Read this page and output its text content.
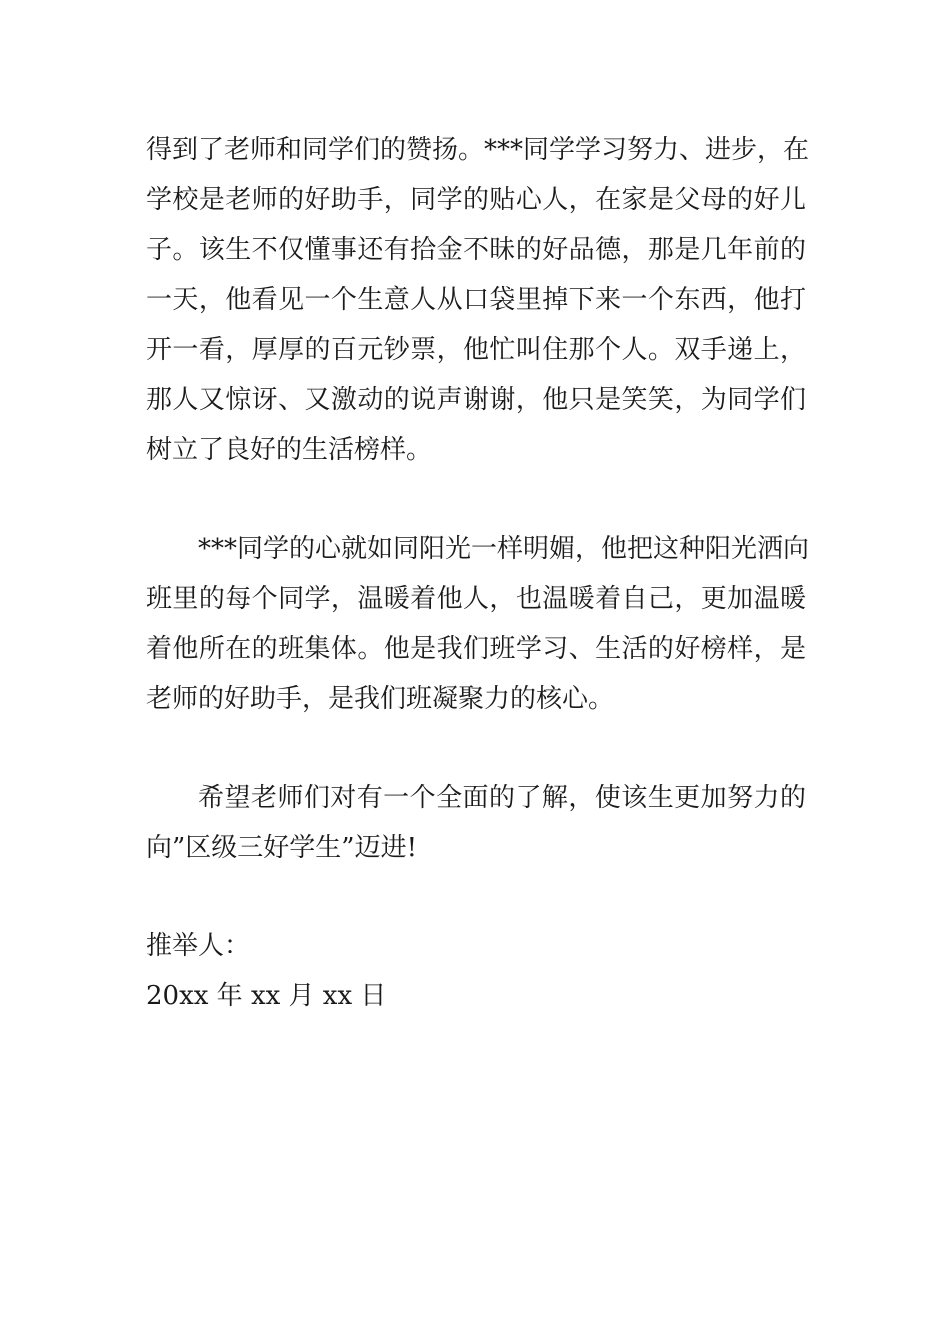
得到了老师和同学们的赞扬。***同学学习努力、进步，在
学校是老师的好助手，同学的贴心人，在家是父母的好儿
子。该生不仅懂事还有拾金不昧的好品德，那是几年前的
一天，他看见一个生意人从口袋里掉下来一个东西，他打
开一看，厚厚的百元钞票，他忙叫住那个人。双手递上，
那人又惊讶、又激动的说声谢谢，他只是笑笑，为同学们
树立了良好的生活榜样。
***同学的心就如同阳光一样明媚，他把这种阳光洒向
班里的每个同学，温暖着他人，也温暖着自己，更加温暖
着他所在的班集体。他是我们班学习、生活的好榜样，是
老师的好助手，是我们班凝聚力的核心。
希望老师们对有一个全面的了解，使该生更加努力的
向”区级三好学生”迈进!
推举人：
20xx 年 xx 月 xx 日
